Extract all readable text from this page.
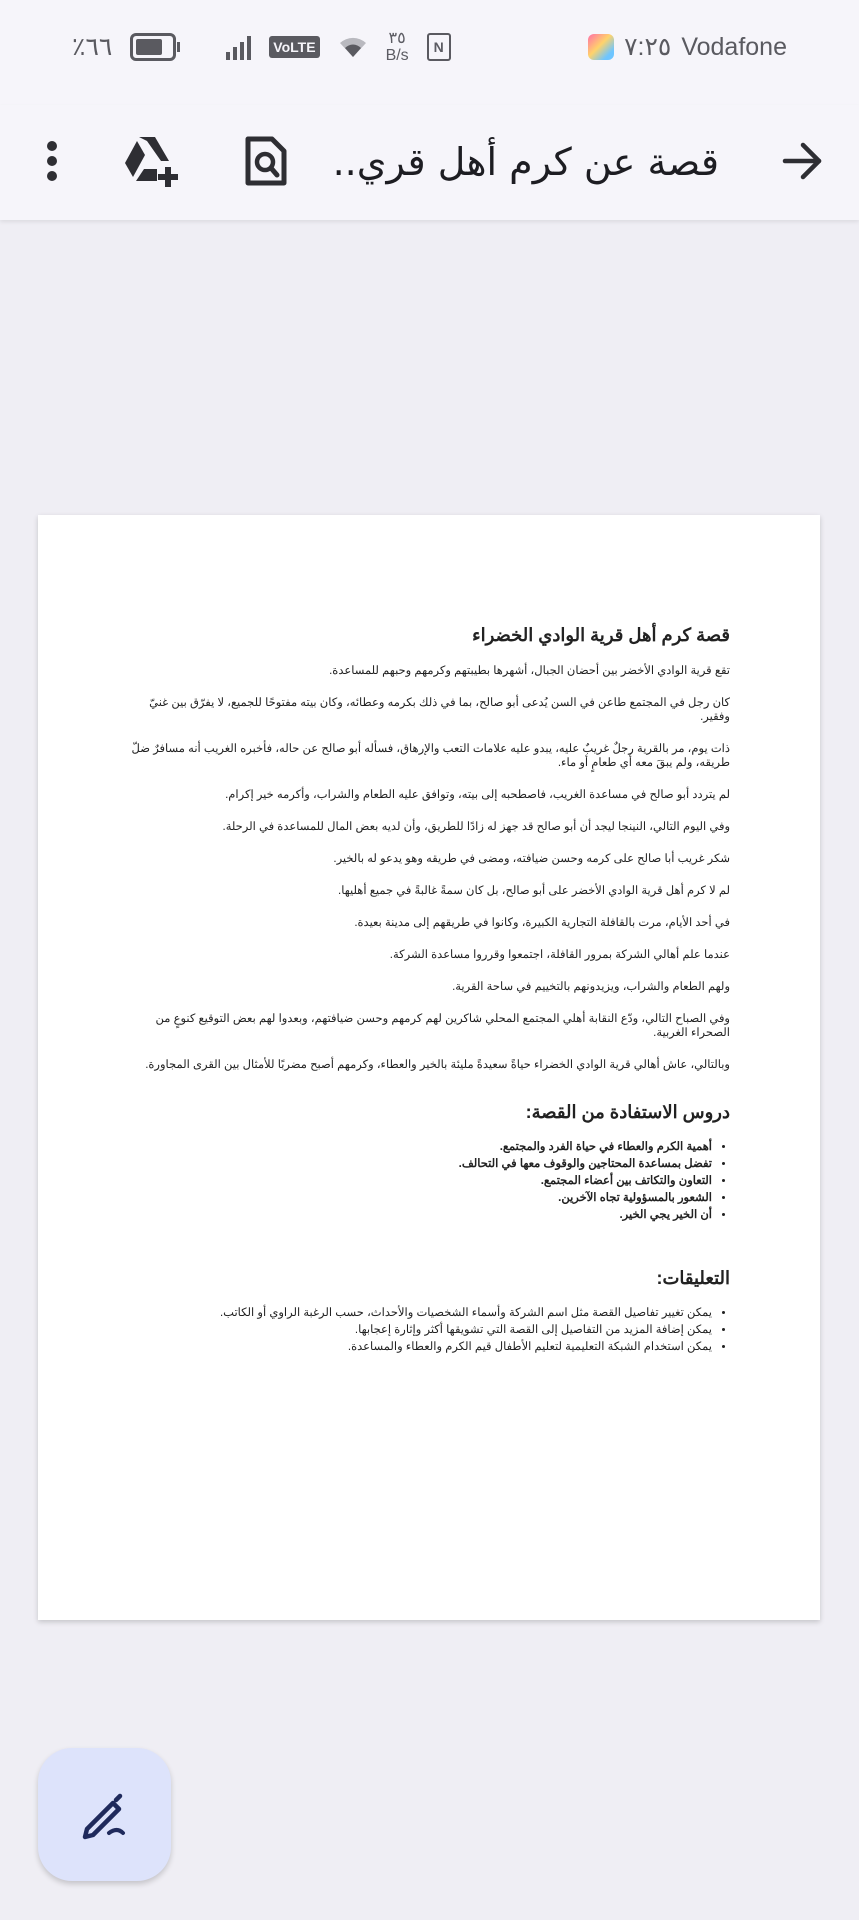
٪٦٦	VoLTE	٣٥
B/s	N	٧:٢٥ Vodafone
قصة عن كرم أهل قري..
قصة كرم أهل قرية الوادي الخضراء

تقع قرية الوادي الأخضر بين أحضان الجبال، أشهرها بطيبتهم وكرمهم وحبهم للمساعدة.

كان رجل في المجتمع طاعن في السن يُدعى أبو صالح، بما في ذلك بكرمه وعطائه، وكان بيته مفتوحًا للجميع، لا يفرّق بين غنيّ وفقير.

ذات يوم، مر بالقرية رجلٌ غريبٌ عليه، يبدو عليه علامات التعب والإرهاق، فسأله أبو صالح عن حاله، فأخبره الغريب أنه مسافرٌ ضلّ طريقه، ولم يبقَ معه أي طعامٍ أو ماء.

لم يتردد أبو صالح في مساعدة الغريب، فاصطحبه إلى بيته، وتوافق عليه الطعام والشراب، وأكرمه خير إكرام.

وفي اليوم التالي، النينجا ليجد أن أبو صالح قد جهز له زادًا للطريق، وأن لديه بعض المال للمساعدة في الرحلة.

شكر غريب أبا صالح على كرمه وحسن ضيافته، ومضى في طريقه وهو يدعو له بالخير.

لم لا كرم أهل قرية الوادي الأخضر على أبو صالح، بل كان سمةً غالبةً في جميع أهليها.

في أحد الأيام، مرت بالقافلة التجارية الكبيرة، وكانوا في طريقهم إلى مدينة بعيدة.

عندما علم أهالي الشركة بمرور القافلة، اجتمعوا وقرروا مساعدة الشركة.

ولهم الطعام والشراب، ويزيدونهم بالتخييم في ساحة القرية.

وفي الصباح التالي، ودّع النقابة أهلي المجتمع المحلي شاكرين لهم كرمهم وحسن ضيافتهم، وبعدوا لهم بعض التوقيع كنوعٍ من الصحراء الغربية.

وبالتالي، عاش أهالي قرية الوادي الخضراء حياةً سعيدةً مليئة بالخير والعطاء، وكرمهم أصبح مضربًا للأمثال بين القرى المجاورة.

دروس الاستفادة من القصة:
• أهمية الكرم والعطاء في حياة الفرد والمجتمع.
• تفضل بمساعدة المحتاجين والوقوف معها في التحالف.
• التعاون والتكاتف بين أعضاء المجتمع.
• الشعور بالمسؤولية تجاه الآخرين.
• أن الخير يجي الخير.
التعليقات:
• يمكن تغيير تفاصيل القصة مثل اسم الشركة وأسماء الشخصيات والأحداث، حسب الرغبة الراوي أو الكاتب.
• يمكن إضافة المزيد من التفاصيل إلى القصة التي تشويقها أكثر وإثارة إعجابها.
• يمكن استخدام الشبكة التعليمية لتعليم الأطفال قيم الكرم والعطاء والمساعدة.
